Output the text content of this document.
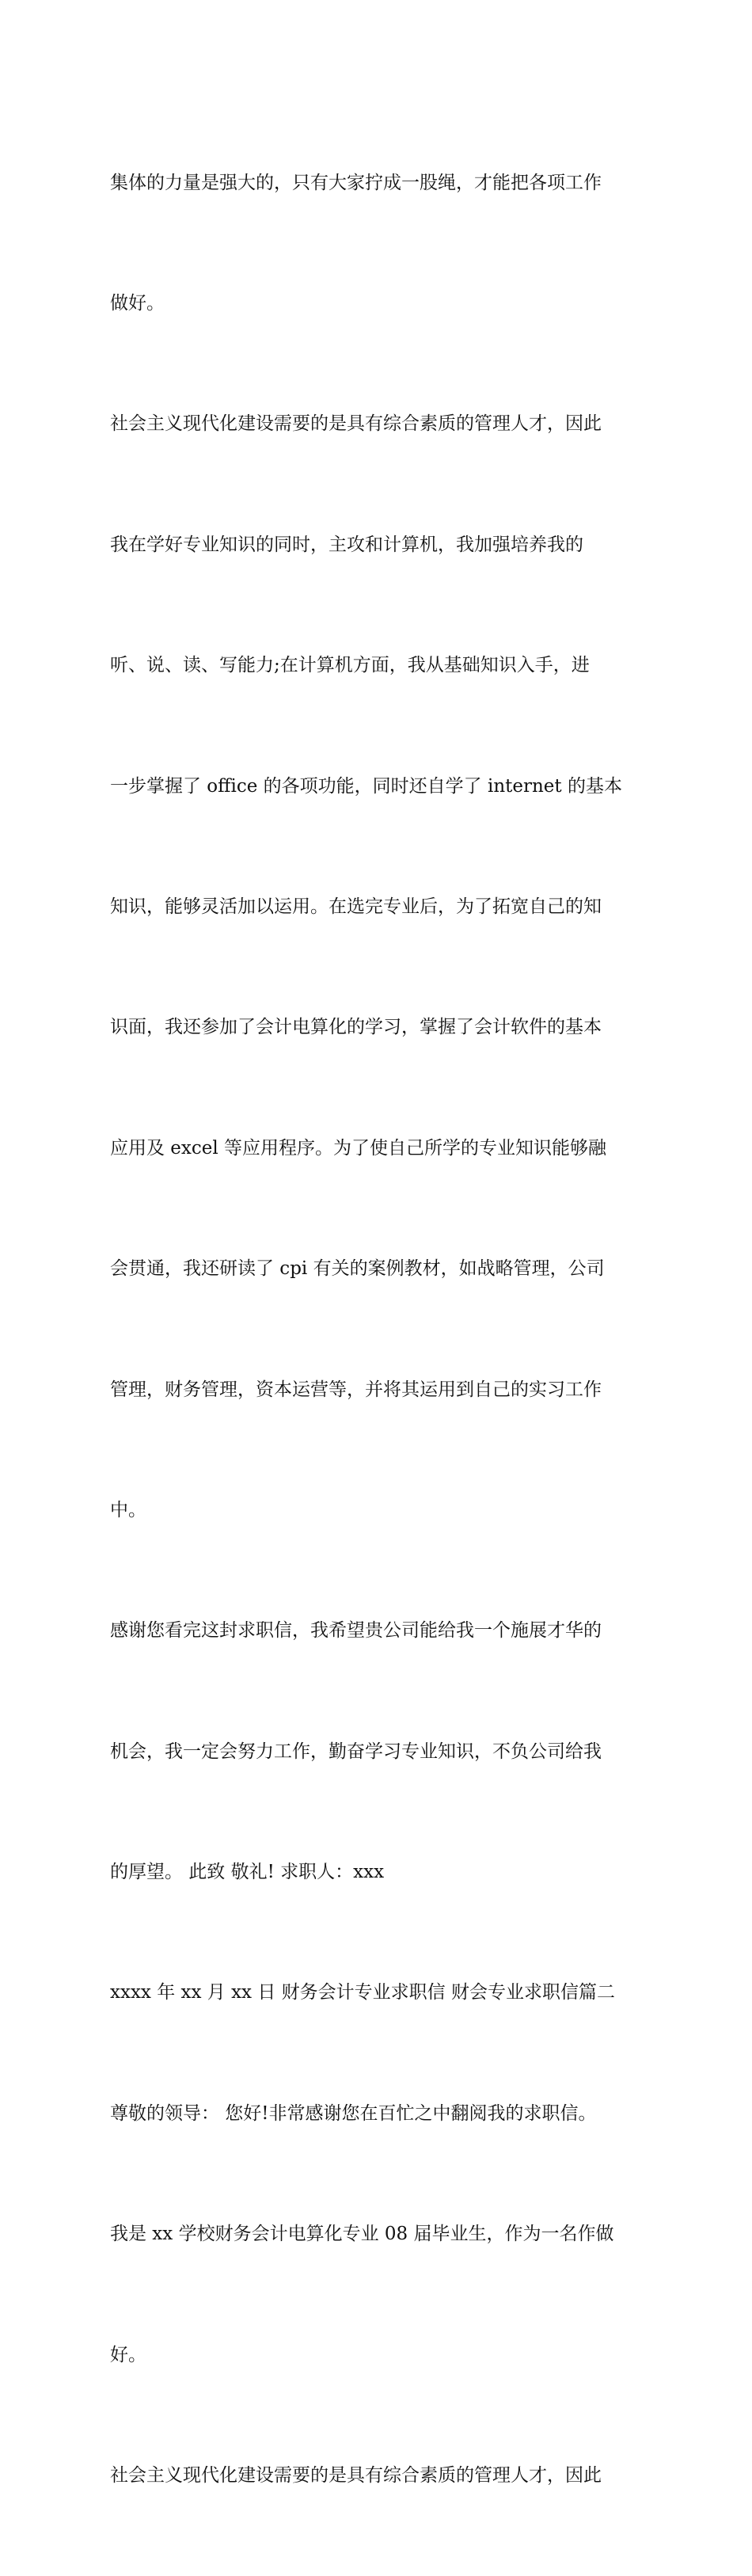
集体的力量是强大的，只有大家拧成一股绳，才能把各项工作

做好。

社会主义现代化建设需要的是具有综合素质的管理人才，因此

我在学好专业知识的同时，主攻和计算机，我加强培养我的

听、说、读、写能力;在计算机方面，我从基础知识入手，进

一步掌握了 office 的各项功能，同时还自学了 internet 的基本

知识，能够灵活加以运用。在选完专业后，为了拓宽自己的知

识面，我还参加了会计电算化的学习，掌握了会计软件的基本

应用及 excel 等应用程序。为了使自己所学的专业知识能够融

会贯通，我还研读了 cpi 有关的案例教材，如战略管理，公司

管理，财务管理，资本运营等，并将其运用到自己的实习工作

中。

感谢您看完这封求职信，我希望贵公司能给我一个施展才华的

机会，我一定会努力工作，勤奋学习专业知识，不负公司给我

的厚望。 此致 敬礼! 求职人：xxx

xxxx 年 xx 月 xx 日 财务会计专业求职信 财会专业求职信篇二

尊敬的领导： 您好!非常感谢您在百忙之中翻阅我的求职信。

我是 xx 学校财务会计电算化专业 08 届毕业生，作为一名作做

好。

社会主义现代化建设需要的是具有综合素质的管理人才，因此
